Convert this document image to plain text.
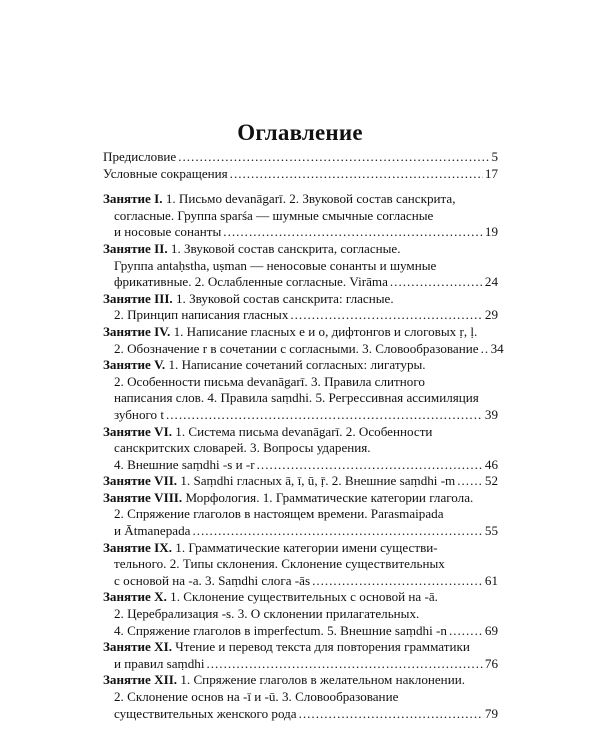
Оглавление
Предисловие .....	5
Условные сокращения .....	17
Занятие I.
1. Письмо devanāgarī. 2. Звуковой состав санскрита,
согласные. Группа sparśa — шумные смычные согласные
и носовые сонанты .....	19
Занятие II.
1. Звуковой состав санскрита, согласные.
Группа antaḥstha, uṣman — неносовые сонанты и шумные
фрикативные. 2. Ослабленные согласные. Virāma .....	24
Занятие III.
1. Звуковой состав санскрита: гласные.
2. Принцип написания гласных .....	29
Занятие IV.
1. Написание гласных e и o, дифтонгов и слоговых ṛ, ḷ.
2. Обозначение r в сочетании с согласными. 3. Словообразование ..... 34
Занятие V.
1. Написание сочетаний согласных: лигатуры.
2. Особенности письма devanāgarī. 3. Правила слитного
написания слов. 4. Правила saṃdhi. 5. Регрессивная ассимиляция
зубного t .....	39
Занятие VI.
1. Система письма devanāgarī. 2. Особенности
санскритских словарей. 3. Вопросы ударения.
4. Внешние saṃdhi -s и -r .....	46
Занятие VII.
1. Saṃdhi гласных ā, ī, ū, ṝ. 2. Внешние saṃdhi -m ..... 52
Занятие VIII.
Морфология. 1. Грамматические категории глагола.
2. Спряжение глаголов в настоящем времени. Parasmaipada
и Ātmanepada .....	55
Занятие IX.
1. Грамматические категории имени существи-
тельного. 2. Типы склонения. Склонение существительных
с основой на -a. 3. Saṃdhi слога -ās .....	61
Занятие X.
1. Склонение существительных с основой на -ā.
2. Церебрализация -s. 3. О склонении прилагательных.
4. Спряжение глаголов в imperfectum. 5. Внешние saṃdhi -n .....	69
Занятие XI.
Чтение и перевод текста для повторения грамматики
и правил saṃdhi .....	76
Занятие XII.
1. Спряжение глаголов в желательном наклонении.
2. Склонение основ на -ī и -ū. 3. Словообразование
существительных женского рода .....	79
